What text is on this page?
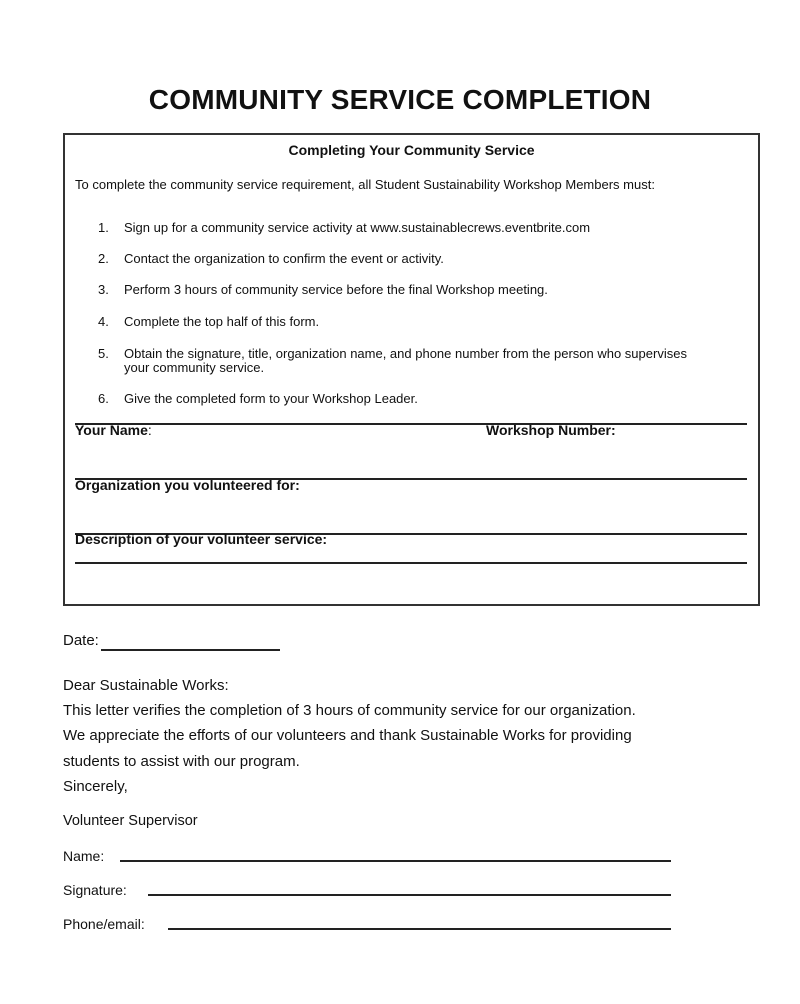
COMMUNITY SERVICE COMPLETION
Completing Your Community Service
To complete the community service requirement, all Student Sustainability Workshop Members must:
1.	Sign up for a community service activity at www.sustainablecrews.eventbrite.com
2.	Contact the organization to confirm the event or activity.
3.	Perform 3 hours of community service before the final Workshop meeting.
4.	Complete the top half of this form.
5.	Obtain the signature, title, organization name, and phone number from the person who supervises your community service.
6.	Give the completed form to your Workshop Leader.
Your Name:	Workshop Number:
Organization you volunteered for:
Description of your volunteer service:
Date:
Dear Sustainable Works:
This letter verifies the completion of 3 hours of community service for our organization.
We appreciate the efforts of our volunteers and thank Sustainable Works for providing
students to assist with our program.
Sincerely,
Volunteer Supervisor
Name:
Signature:
Phone/email:
